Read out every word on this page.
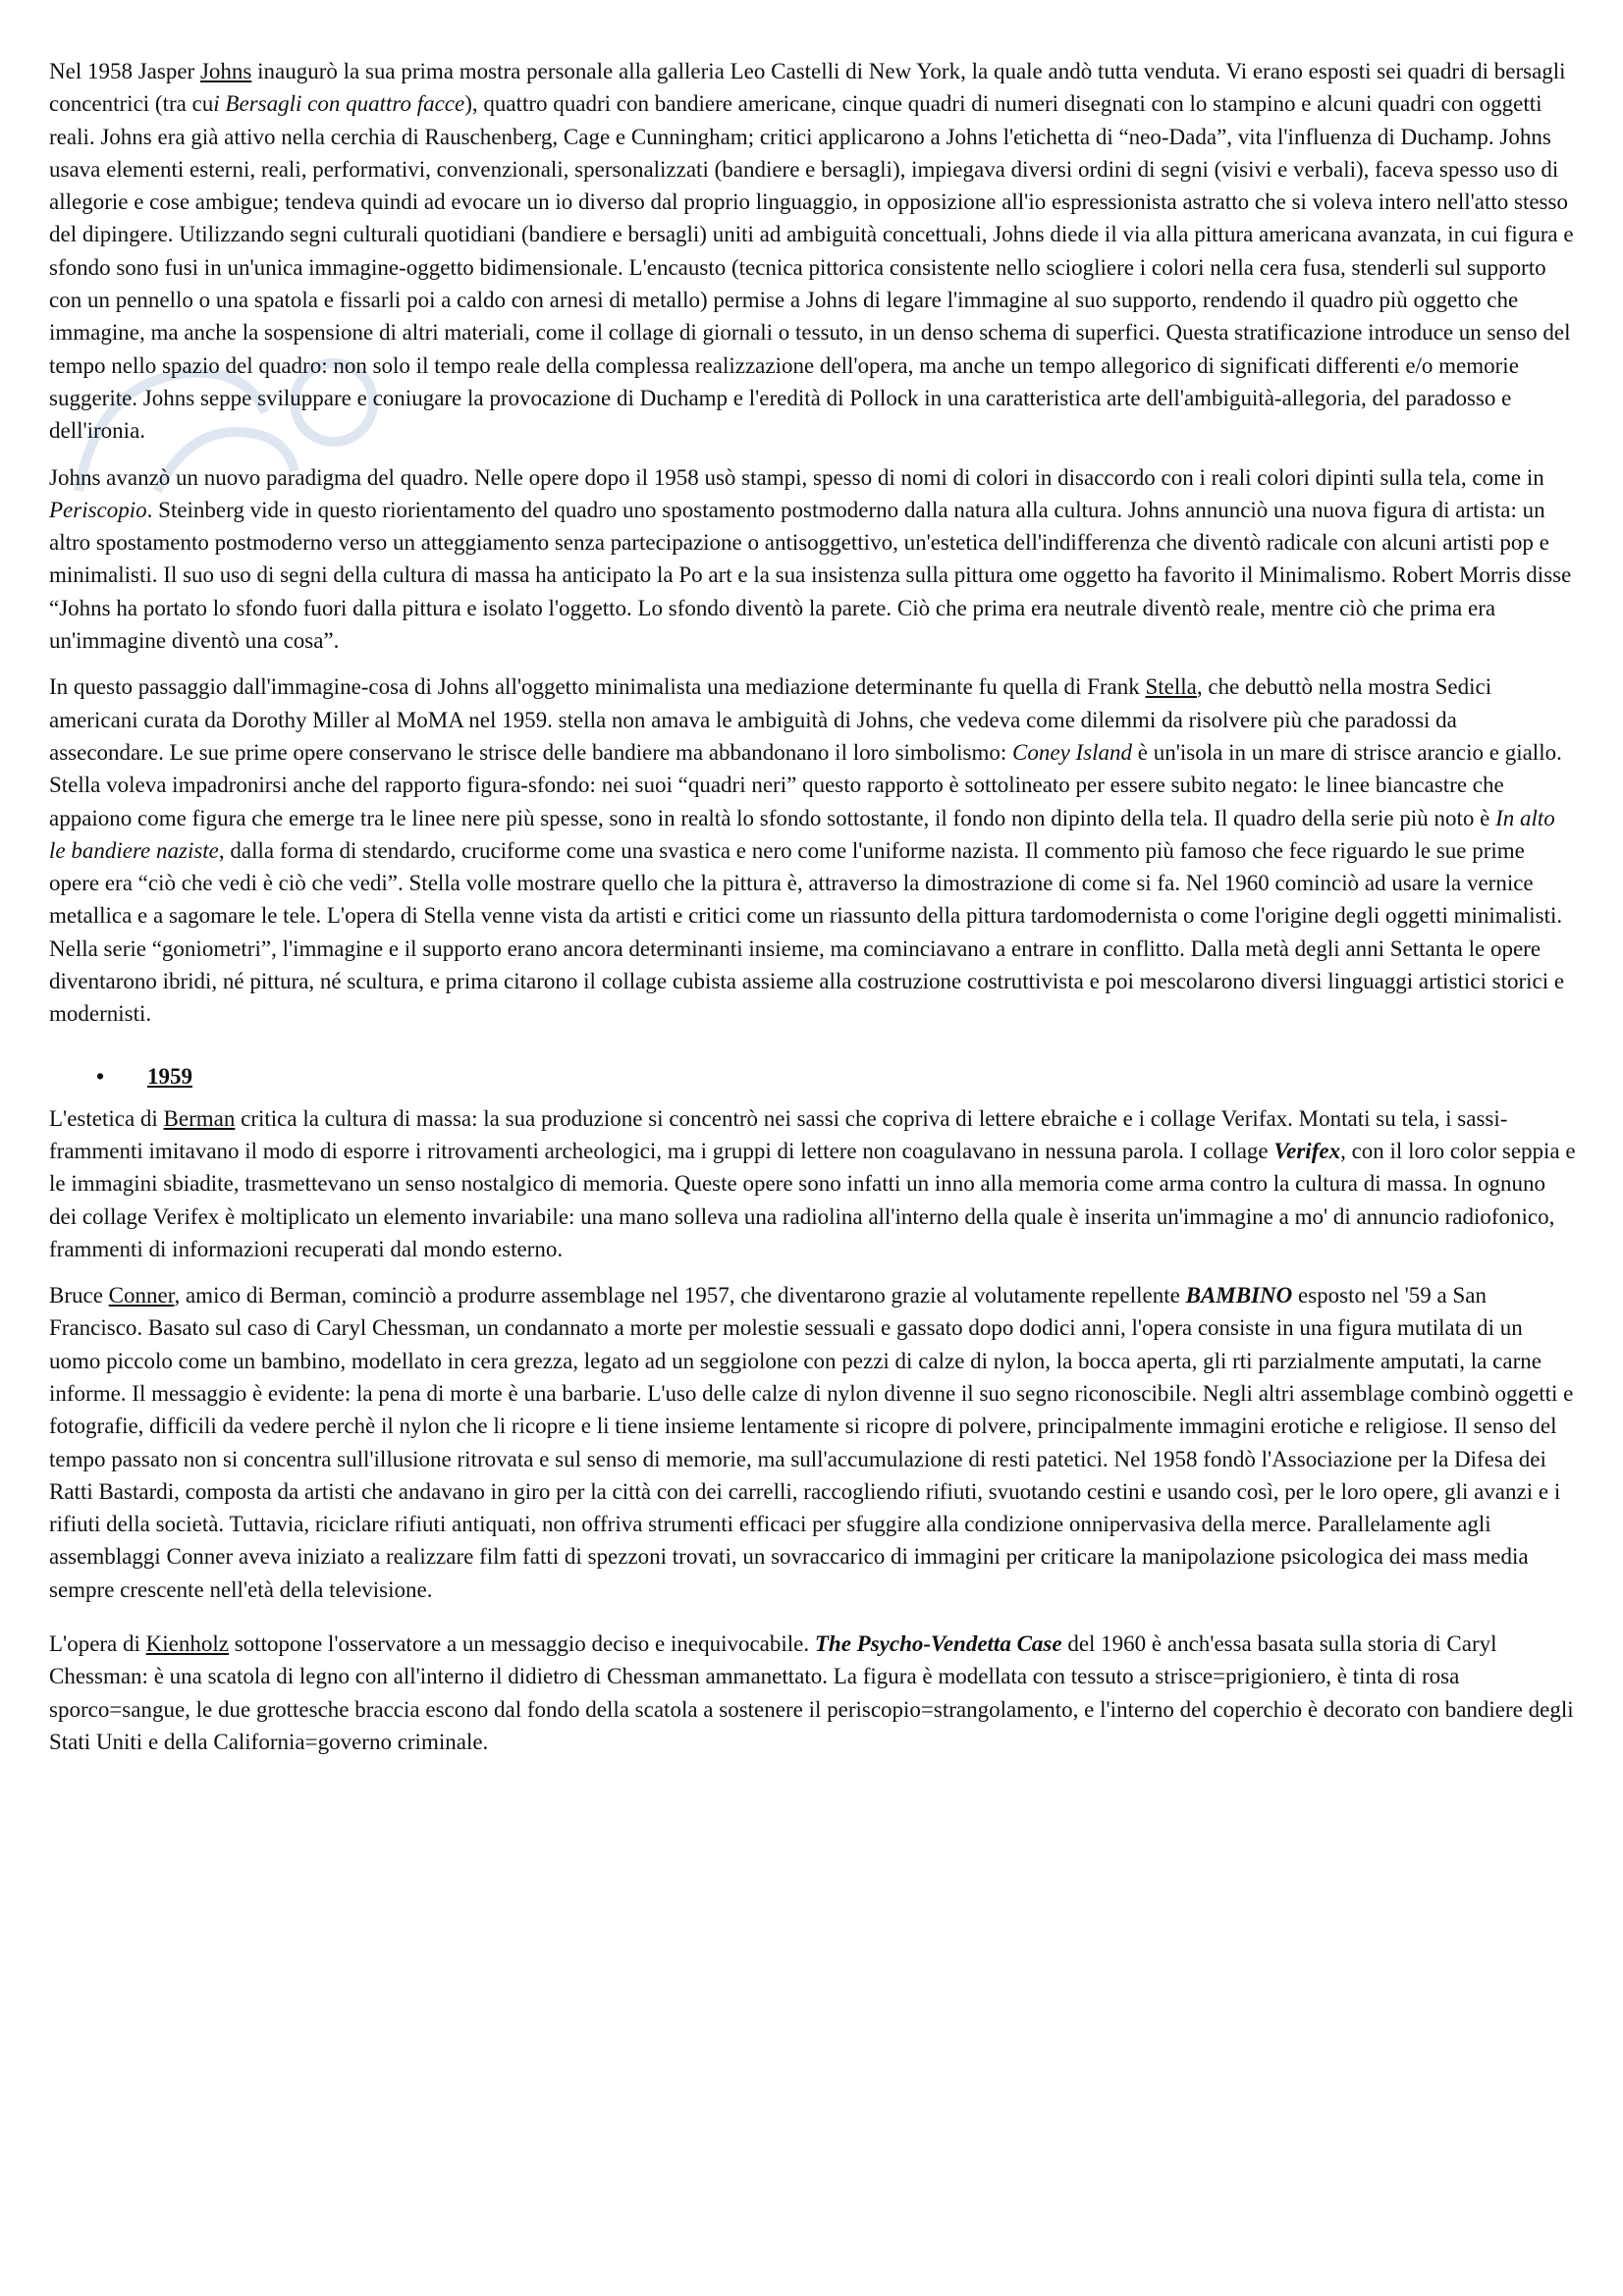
Nel 1958 Jasper Johns inaugurò la sua prima mostra personale alla galleria Leo Castelli di New York, la quale andò tutta venduta. Vi erano esposti sei quadri di bersagli concentrici (tra cui Bersagli con quattro facce), quattro quadri con bandiere americane, cinque quadri di numeri disegnati con lo stampino e alcuni quadri con oggetti reali. Johns era già attivo nella cerchia di Rauschenberg, Cage e Cunningham; critici applicarono a Johns l'etichetta di “neo-Dada”, vita l'influenza di Duchamp. Johns usava elementi esterni, reali, performativi, convenzionali, spersonalizzati (bandiere e bersagli), impiegava diversi ordini di segni (visivi e verbali), faceva spesso uso di allegorie e cose ambigue; tendeva quindi ad evocare un io diverso dal proprio linguaggio, in opposizione all'io espressionista astratto che si voleva intero nell'atto stesso del dipingere. Utilizzando segni culturali quotidiani (bandiere e bersagli) uniti ad ambiguità concettuali, Johns diede il via alla pittura americana avanzata, in cui figura e sfondo sono fusi in un'unica immagine-oggetto bidimensionale. L'encausto (tecnica pittorica consistente nello sciogliere i colori nella cera fusa, stenderli sul supporto con un pennello o una spatola e fissarli poi a caldo con arnesi di metallo) permise a Johns di legare l'immagine al suo supporto, rendendo il quadro più oggetto che immagine, ma anche la sospensione di altri materiali, come il collage di giornali o tessuto, in un denso schema di superfici. Questa stratificazione introduce un senso del tempo nello spazio del quadro: non solo il tempo reale della complessa realizzazione dell'opera, ma anche un tempo allegorico di significati differenti e/o memorie suggerite. Johns seppe sviluppare e coniugare la provocazione di Duchamp e l'eredità di Pollock in una caratteristica arte dell'ambiguità-allegoria, del paradosso e dell'ironia.

Johns avanzò un nuovo paradigma del quadro. Nelle opere dopo il 1958 usò stampi, spesso di nomi di colori in disaccordo con i reali colori dipinti sulla tela, come in Periscopio. Steinberg vide in questo riorientamento del quadro uno spostamento postmoderno dalla natura alla cultura. Johns annunciò una nuova figura di artista: un altro spostamento postmoderno verso un atteggiamento senza partecipazione o antisoggettivo, un'estetica dell'indifferenza che diventò radicale con alcuni artisti pop e minimalisti. Il suo uso di segni della cultura di massa ha anticipato la Po art e la sua insistenza sulla pittura ome oggetto ha favorito il Minimalismo. Robert Morris disse “Johns ha portato lo sfondo fuori dalla pittura e isolato l'oggetto. Lo sfondo diventò la parete. Ciò che prima era neutrale diventò reale, mentre ciò che prima era un'immagine diventò una cosa”.

In questo passaggio dall'immagine-cosa di Johns all'oggetto minimalista una mediazione determinante fu quella di Frank Stella, che debuttò nella mostra Sedici americani curata da Dorothy Miller al MoMA nel 1959. stella non amava le ambiguità di Johns, che vedeva come dilemmi da risolvere più che paradossi da assecondare. Le sue prime opere conservano le strisce delle bandiere ma abbandonano il loro simbolismo: Coney Island è un'isola in un mare di strisce arancio e giallo. Stella voleva impadronirsi anche del rapporto figura-sfondo: nei suoi “quadri neri” questo rapporto è sottolineato per essere subito negato: le linee biancastre che appaiono come figura che emerge tra le linee nere più spesse, sono in realtà lo sfondo sottostante, il fondo non dipinto della tela. Il quadro della serie più noto è In alto le bandiere naziste, dalla forma di stendardo, cruciforme come una svastica e nero come l'uniforme nazista. Il commento più famoso che fece riguardo le sue prime opere era “ciò che vedi è ciò che vedi”. Stella volle mostrare quello che la pittura è, attraverso la dimostrazione di come si fa. Nel 1960 cominciò ad usare la vernice metallica e a sagomare le tele. L'opera di Stella venne vista da artisti e critici come un riassunto della pittura tardomodernista o come l'origine degli oggetti minimalisti. Nella serie “goniometri”, l'immagine e il supporto erano ancora determinanti insieme, ma cominciavano a entrare in conflitto. Dalla metà degli anni Settanta le opere diventarono ibridi, né pittura, né scultura, e prima citarono il collage cubista assieme alla costruzione costruttivista e poi mescolarono diversi linguaggi artistici storici e modernisti.

• 1959

L'estetica di Berman critica la cultura di massa: la sua produzione si concentrò nei sassi che copriva di lettere ebraiche e i collage Verifax. Montati su tela, i sassi-frammenti imitavano il modo di esporre i ritrovamenti archeologici, ma i gruppi di lettere non coagulavano in nessuna parola. I collage Verifex, con il loro color seppia e le immagini sbiadite, trasmettevano un senso nostalgico di memoria. Queste opere sono infatti un inno alla memoria come arma contro la cultura di massa. In ognuno dei collage Verifex è moltiplicato un elemento invariabile: una mano solleva una radiolina all'interno della quale è inserita un'immagine a mo' di annuncio radiofonico, frammenti di informazioni recuperati dal mondo esterno.

Bruce Conner, amico di Berman, cominciò a produrre assemblage nel 1957, che diventarono grazie al volutamente repellente BAMBINO esposto nel '59 a San Francisco. Basato sul caso di Caryl Chessman, un condannato a morte per molestie sessuali e gassato dopo dodici anni, l'opera consiste in una figura mutilata di un uomo piccolo come un bambino, modellato in cera grezza, legato ad un seggiolone con pezzi di calze di nylon, la bocca aperta, gli rti parzialmente amputati, la carne informe. Il messaggio è evidente: la pena di morte è una barbarie. L'uso delle calze di nylon divenne il suo segno riconoscibile. Negli altri assemblage combinò oggetti e fotografie, difficili da vedere perchè il nylon che li ricopre e li tiene insieme lentamente si ricopre di polvere, principalmente immagini erotiche e religiose. Il senso del tempo passato non si concentra sull'illusione ritrovata e sul senso di memorie, ma sull'accumulazione di resti patetici. Nel 1958 fondò l'Associazione per la Difesa dei Ratti Bastardi, composta da artisti che andavano in giro per la città con dei carrelli, raccogliendo rifiuti, svuotando cestini e usando così, per le loro opere, gli avanzi e i rifiuti della società. Tuttavia, riciclare rifiuti antiquati, non offriva strumenti efficaci per sfuggire alla condizione onnipervasiva della merce. Parallelamente agli assemblaggi Conner aveva iniziato a realizzare film fatti di spezzoni trovati, un sovraccarico di immagini per criticare la manipolazione psicologica dei mass media sempre crescente nell'età della televisione.

L'opera di Kienholz sottopone l'osservatore a un messaggio deciso e inequivocabile. The Psycho-Vendetta Case del 1960 è anch'essa basata sulla storia di Caryl Chessman: è una scatola di legno con all'interno il didietro di Chessman ammanettato. La figura è modellata con tessuto a strisce=prigioniero, è tinta di rosa sporco=sangue, le due grottesche braccia escono dal fondo della scatola a sostenere il periscopio=strangolamento, e l'interno del coperchio è decorato con bandiere degli Stati Uniti e della California=governo criminale.
